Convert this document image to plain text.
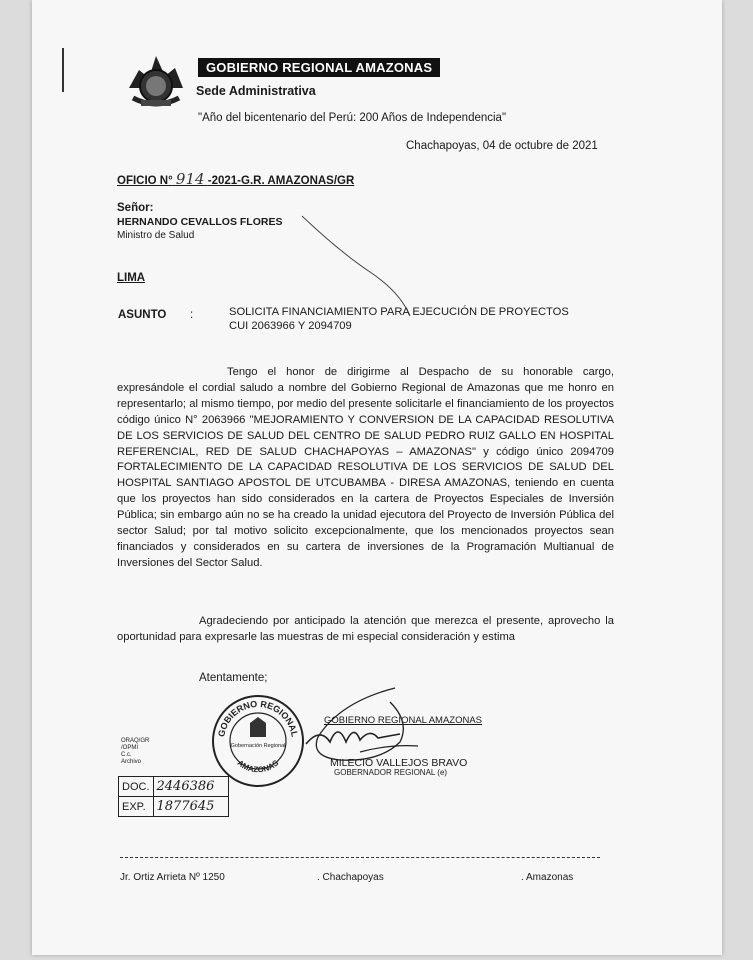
GOBIERNO REGIONAL AMAZONAS
Sede Administrativa
"Año del bicentenario del Perú: 200 Años de Independencia"
Chachapoyas, 04 de octubre de 2021
OFICIO N° 914 -2021-G.R. AMAZONAS/GR
Señor:
HERNANDO CEVALLOS FLORES
Ministro de Salud
LIMA
ASUNTO :	SOLICITA FINANCIAMIENTO PARA EJECUCIÓN DE PROYECTOS
CUI 2063966 Y 2094709
Tengo el honor de dirigirme al Despacho de su honorable cargo, expresándole el cordial saludo a nombre del Gobierno Regional de Amazonas que me honro en representarlo; al mismo tiempo, por medio del presente solicitarle el financiamiento de los proyectos código único N° 2063966 "MEJORAMIENTO Y CONVERSION DE LA CAPACIDAD RESOLUTIVA DE LOS SERVICIOS DE SALUD DEL CENTRO DE SALUD PEDRO RUIZ GALLO EN HOSPITAL REFERENCIAL, RED DE SALUD CHACHAPOYAS – AMAZONAS" y código único 2094709 FORTALECIMIENTO DE LA CAPACIDAD RESOLUTIVA DE LOS SERVICIOS DE SALUD DEL HOSPITAL SANTIAGO APOSTOL DE UTCUBAMBA - DIRESA AMAZONAS, teniendo en cuenta que los proyectos han sido considerados en la cartera de Proyectos Especiales de Inversión Pública; sin embargo aún no se ha creado la unidad ejecutora del Proyecto de Inversión Pública del sector Salud; por tal motivo solicito excepcionalmente, que los mencionados proyectos sean financiados y considerados en su cartera de inversiones de la Programación Multianual de Inversiones del Sector Salud.
Agradeciendo por anticipado la atención que merezca el presente, aprovecho la oportunidad para expresarle las muestras de mi especial consideración y estima
Atentamente;
ORAQ/GR
/OPMI
C.c.
Archivo
GOBIERNO REGIONAL
AMAZONAS
Gobernación Regional
GOBIERNO REGIONAL AMAZONAS
MILECIO VALLEJOS BRAVO
GOBERNADOR REGIONAL (e)
DOC.	2446386
EXP.	1877645
Jr. Ortiz Arrieta Nº 1250	. Chachapoyas	. Amazonas
